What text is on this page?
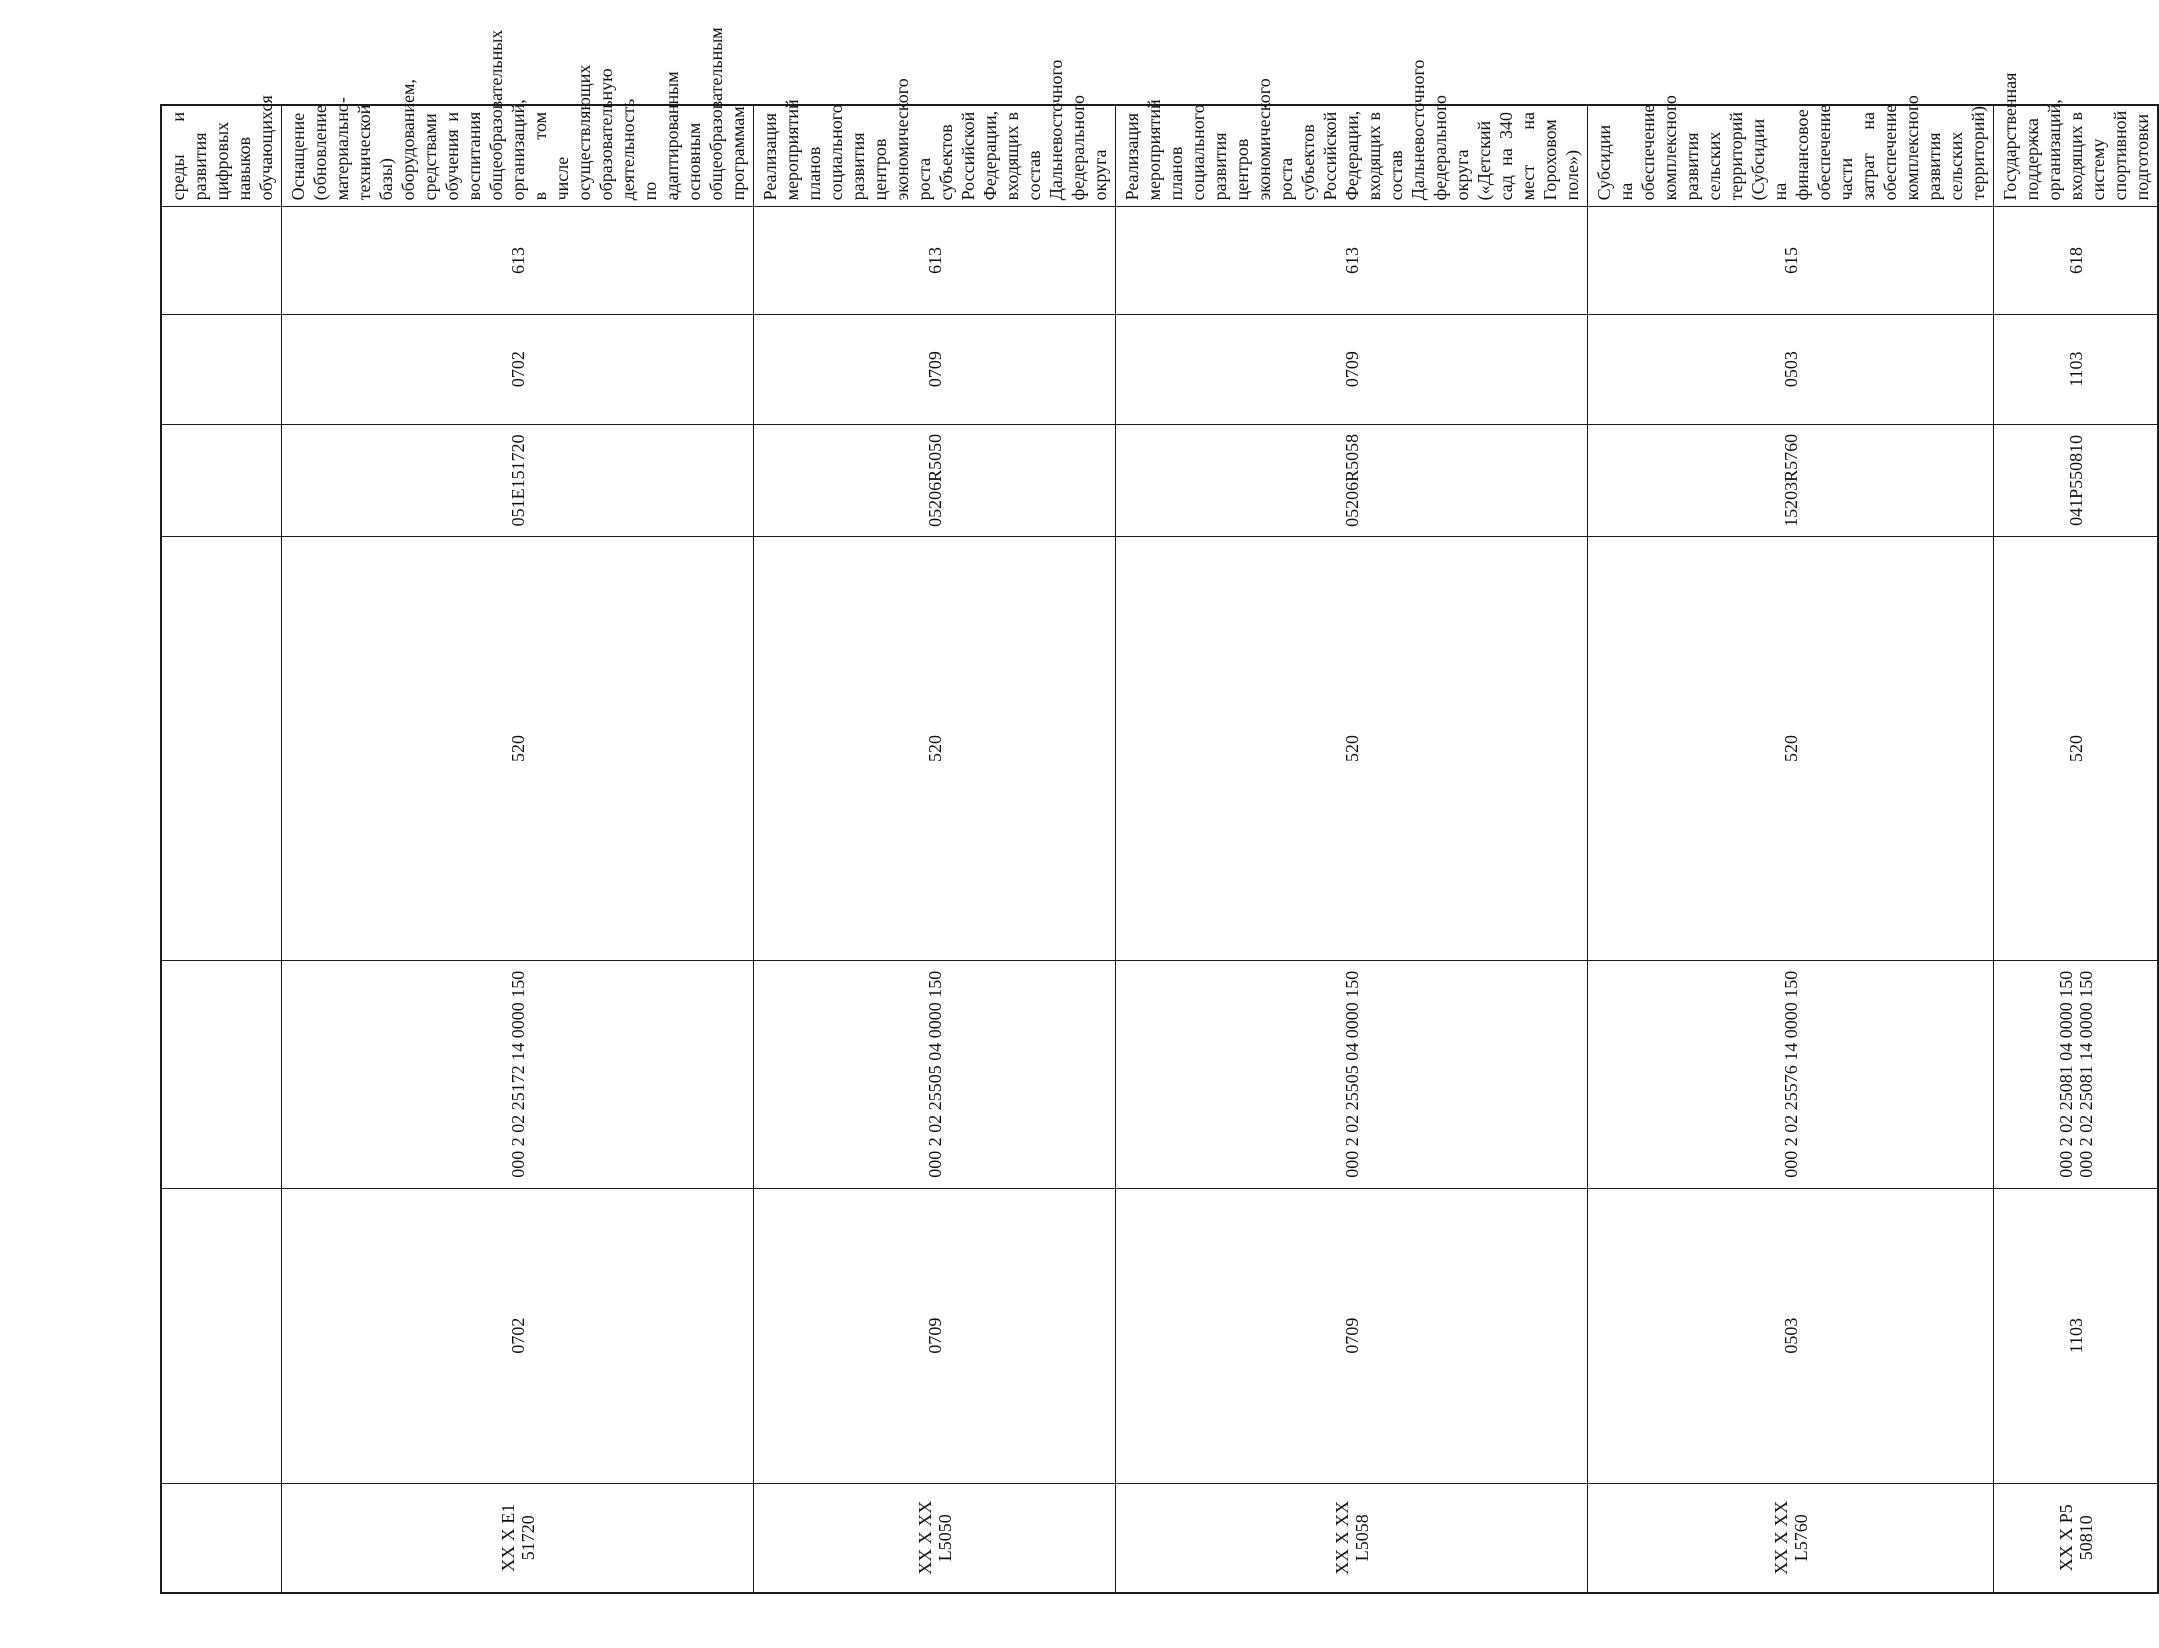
					среды и развития цифровых навыков обучающихся
XX X E1 51720	0702	000 2 02 25172 14 0000 150	520	051E151720	0702	613	Оснащение (обновление материально-технической базы) оборудованием, средствами обучения и воспитания общеобразовательных организаций, в том числе осуществляющих образовательную деятельность по адаптированным основным общеобразовательным программам
XX X XX L5050	0709	000 2 02 25505 04 0000 150	520	05206R5050	0709	613	Реализация мероприятий планов социального развития центров экономического роста субъектов Российской Федерации, входящих в состав Дальневосточного федерального округа
XX X XX L5058	0709	000 2 02 25505 04 0000 150	520	05206R5058	0709	613	Реализация мероприятий планов социального развития центров экономического роста субъектов Российской Федерации, входящих в состав Дальневосточного федерального округа («Детский сад на 340 мест на Гороховом поле»)
XX X XX L5760	0503	000 2 02 25576 14 0000 150	520	15203R5760	0503	615	Субсидии на обеспечение комплексного развития сельских территорий (Субсидии на финансовое обеспечение части затрат на обеспечение комплексного развития сельских территорий)
XX X P5 50810	1103	000 2 02 25081 04 0000 150 000 2 02 25081 14 0000 150	520	041P550810	1103	618	Государственная поддержка организаций, входящих в систему спортивной подготовки
